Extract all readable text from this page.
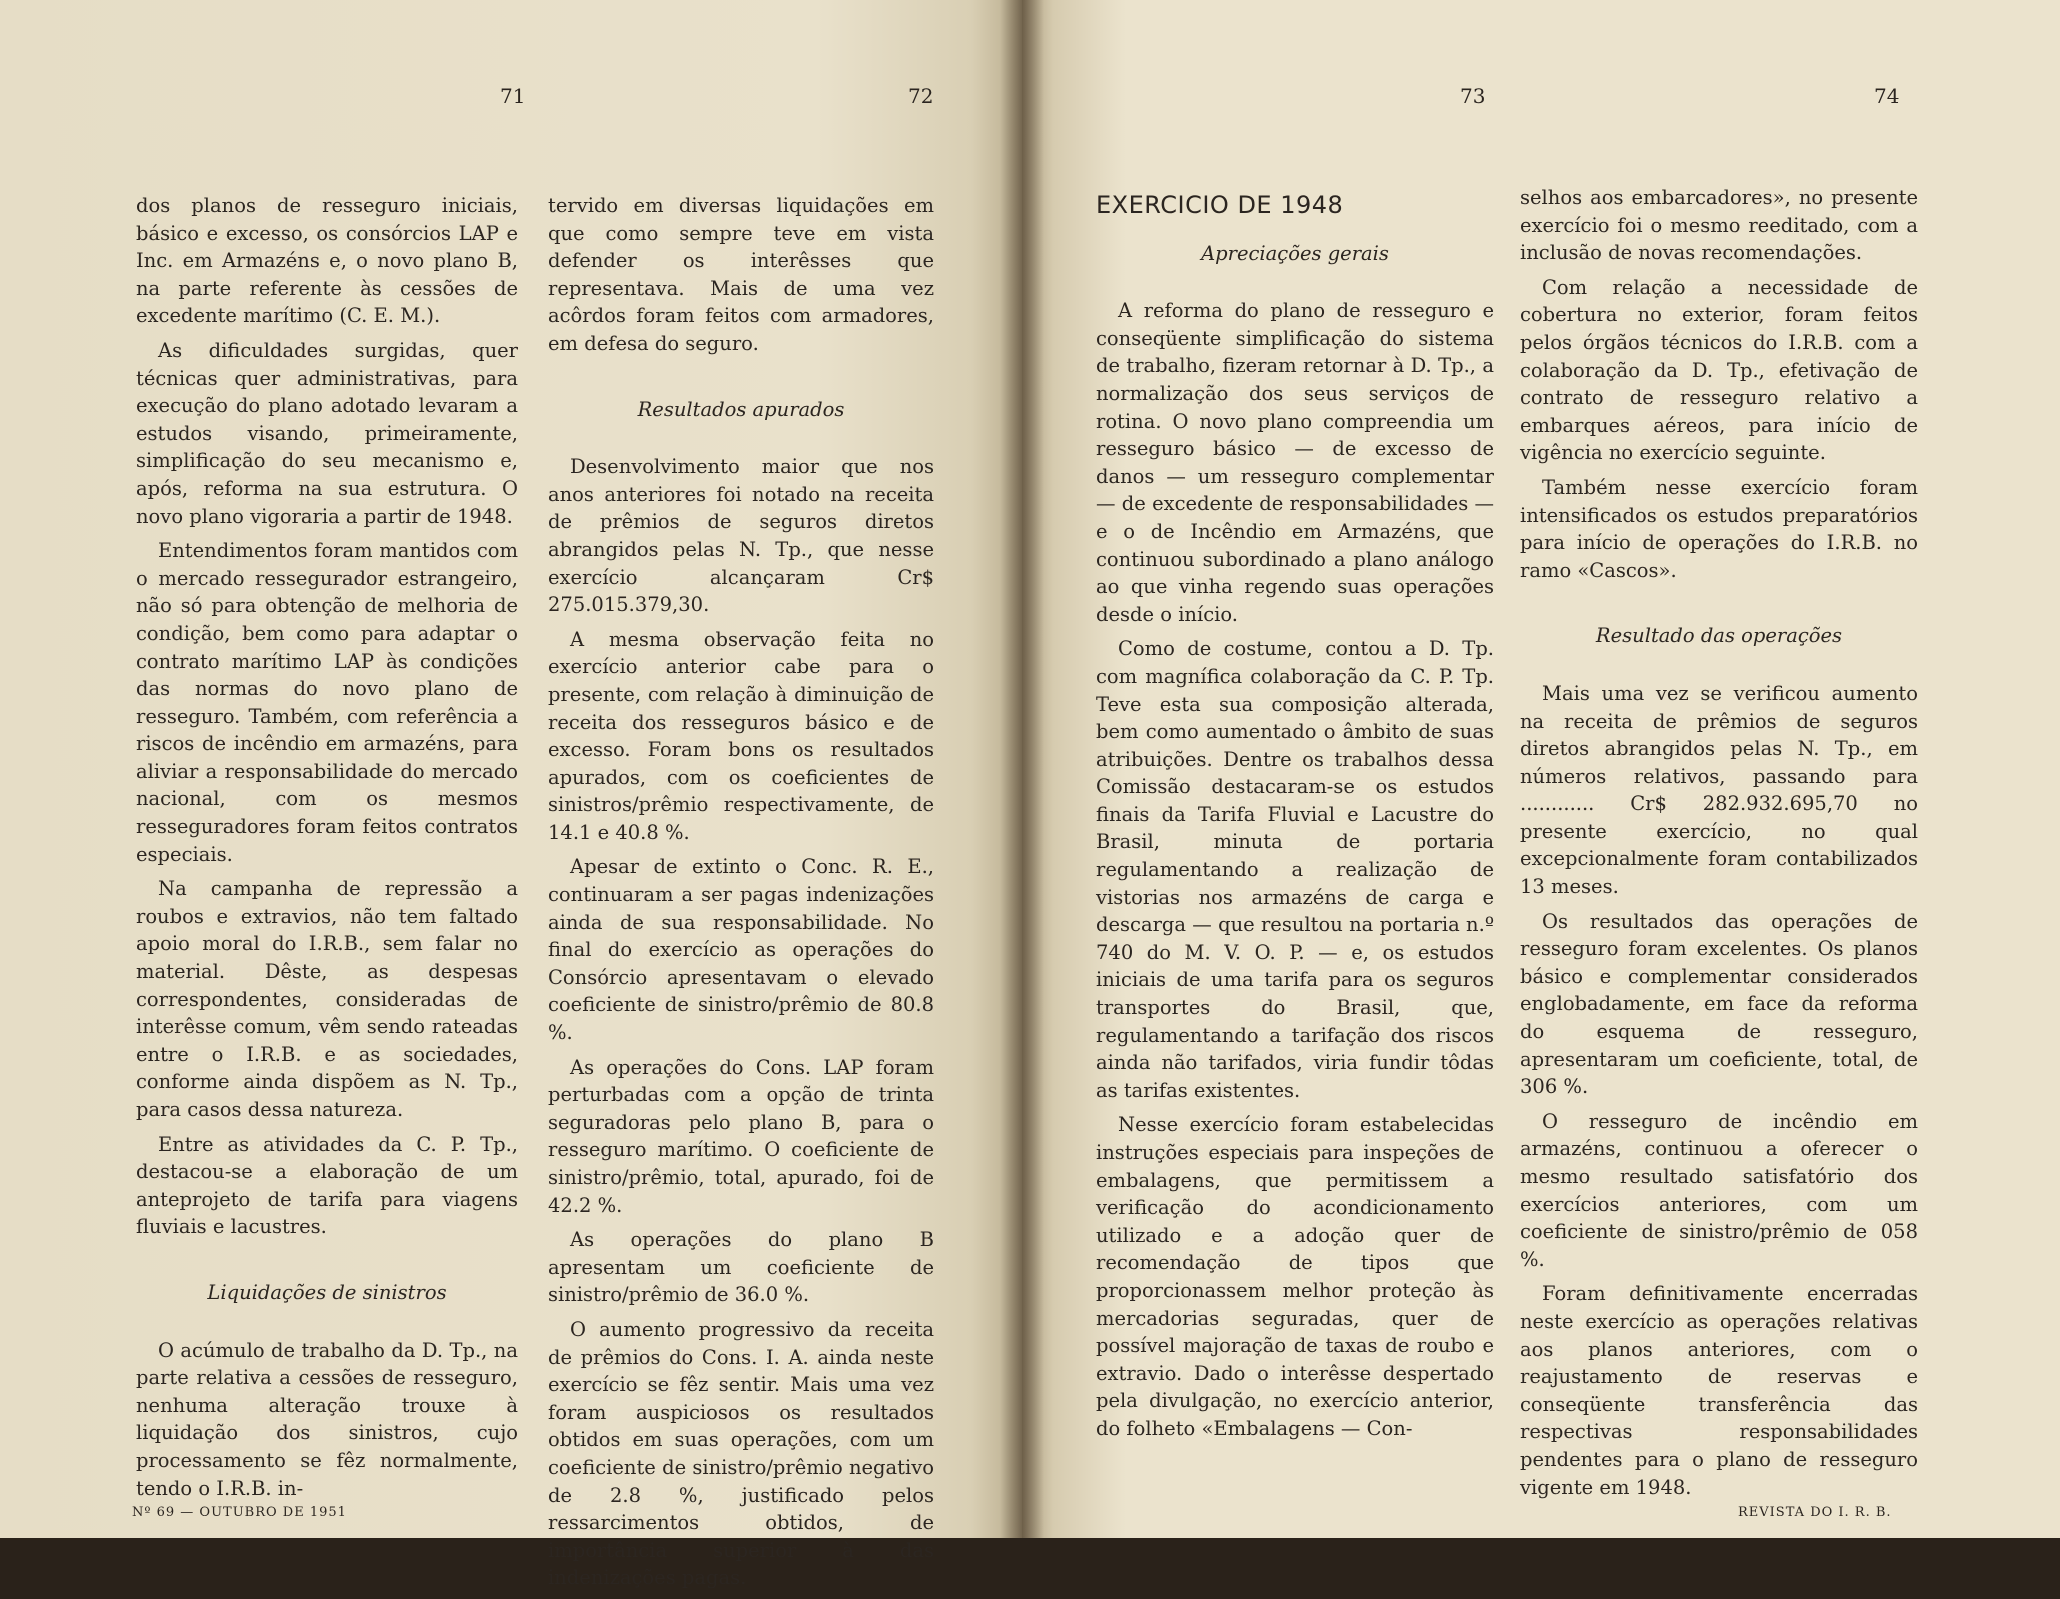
71	72

dos planos de resseguro iniciais, básico e excesso, os consórcios LAP e Inc. em Armazéns e, o novo plano B, na parte referente às cessões de excedente marítimo (C. E. M.).

As dificuldades surgidas, quer técnicas quer administrativas, para execução do plano adotado levaram a estudos visando, primeiramente, simplificação do seu mecanismo e, após, reforma na sua estrutura. O novo plano vigoraria a partir de 1948.

Entendimentos foram mantidos com o mercado ressegurador estrangeiro, não só para obtenção de melhoria de condição, bem como para adaptar o contrato marítimo LAP às condições das normas do novo plano de resseguro. Também, com referência a riscos de incêndio em armazéns, para aliviar a responsabilidade do mercado nacional, com os mesmos resseguradores foram feitos contratos especiais.

Na campanha de repressão a roubos e extravios, não tem faltado apoio moral do I.R.B., sem falar no material. Dêste, as despesas correspondentes, consideradas de interêsse comum, vêm sendo rateadas entre o I.R.B. e as sociedades, conforme ainda dispõem as N. Tp., para casos dessa natureza.

Entre as atividades da C. P. Tp., destacou-se a elaboração de um anteprojeto de tarifa para viagens fluviais e lacustres.

Liquidações de sinistros

O acúmulo de trabalho da D. Tp., na parte relativa a cessões de resseguro, nenhuma alteração trouxe à liquidação dos sinistros, cujo processamento se fêz normalmente, tendo o I.R.B. in-

tervido em diversas liquidações em que como sempre teve em vista defender os interêsses que representava. Mais de uma vez acôrdos foram feitos com armadores, em defesa do seguro.

Resultados apurados

Desenvolvimento maior que nos anos anteriores foi notado na receita de prêmios de seguros diretos abrangidos pelas N. Tp., que nesse exercício alcançaram Cr$ 275.015.379,30.

A mesma observação feita no exercício anterior cabe para o presente, com relação à diminuição de receita dos resseguros básico e de excesso. Foram bons os resultados apurados, com os coeficientes de sinistros/prêmio respectivamente, de 14.1 e 40.8 %.

Apesar de extinto o Conc. R. E., continuaram a ser pagas indenizações ainda de sua responsabilidade. No final do exercício as operações do Consórcio apresentavam o elevado coeficiente de sinistro/prêmio de 80.8 %.

As operações do Cons. LAP foram perturbadas com a opção de trinta seguradoras pelo plano B, para o resseguro marítimo. O coeficiente de sinistro/prêmio, total, apurado, foi de 42.2 %.

As operações do plano B apresentam um coeficiente de sinistro/prêmio de 36.0 %.

O aumento progressivo da receita de prêmios do Cons. I. A. ainda neste exercício se fêz sentir. Mais uma vez foram auspiciosos os resultados obtidos em suas operações, com um coeficiente de sinistro/prêmio negativo de 2.8 %, justificado pelos ressarcimentos obtidos, de importância superior à das indenizações pagas.

Nº 69 — OUTUBRO DE 1951
73	74
EXERCICIO DE 1948
Apreciações gerais

A reforma do plano de resseguro e conseqüente simplificação do sistema de trabalho, fizeram retornar à D. Tp., a normalização dos seus serviços de rotina. O novo plano compreendia um resseguro básico — de excesso de danos — um resseguro complementar — de excedente de responsabilidades — e o de Incêndio em Armazéns, que continuou subordinado a plano análogo ao que vinha regendo suas operações desde o início.

Como de costume, contou a D. Tp. com magnífica colaboração da C. P. Tp. Teve esta sua composição alterada, bem como aumentado o âmbito de suas atribuições. Dentre os trabalhos dessa Comissão destacaram-se os estudos finais da Tarifa Fluvial e Lacustre do Brasil, minuta de portaria regulamentando a realização de vistorias nos armazéns de carga e descarga — que resultou na portaria n.º 740 do M. V. O. P. — e, os estudos iniciais de uma tarifa para os seguros transportes do Brasil, que, regulamentando a tarifação dos riscos ainda não tarifados, viria fundir tôdas as tarifas existentes.

Nesse exercício foram estabelecidas instruções especiais para inspeções de embalagens, que permitissem a verificação do acondicionamento utilizado e a adoção quer de recomendação de tipos que proporcionassem melhor proteção às mercadorias seguradas, quer de possível majoração de taxas de roubo e extravio. Dado o interêsse despertado pela divulgação, no exercício anterior, do folheto «Embalagens — Con-

selhos aos embarcadores», no presente exercício foi o mesmo reeditado, com a inclusão de novas recomendações.

Com relação a necessidade de cobertura no exterior, foram feitos pelos órgãos técnicos do I.R.B. com a colaboração da D. Tp., efetivação de contrato de resseguro relativo a embarques aéreos, para início de vigência no exercício seguinte.

Também nesse exercício foram intensificados os estudos preparatórios para início de operações do I.R.B. no ramo «Cascos».

Resultado das operações

Mais uma vez se verificou aumento na receita de prêmios de seguros diretos abrangidos pelas N. Tp., em números relativos, passando para ............ Cr$ 282.932.695,70 no presente exercício, no qual excepcionalmente foram contabilizados 13 meses.

Os resultados das operações de resseguro foram excelentes. Os planos básico e complementar considerados englobadamente, em face da reforma do esquema de resseguro, apresentaram um coeficiente, total, de 306 %.

O resseguro de incêndio em armazéns, continuou a oferecer o mesmo resultado satisfatório dos exercícios anteriores, com um coeficiente de sinistro/prêmio de 058 %.

Foram definitivamente encerradas neste exercício as operações relativas aos planos anteriores, com o reajustamento de reservas e conseqüente transferência das respectivas responsabilidades pendentes para o plano de resseguro vigente em 1948.

REVISTA DO I. R. B.
